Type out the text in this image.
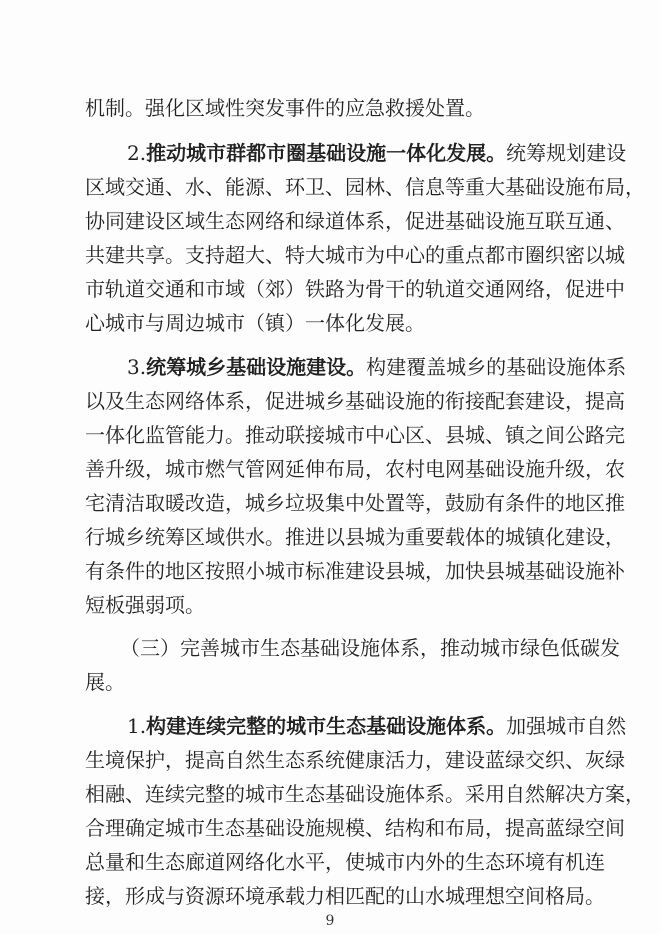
机制。强化区域性突发事件的应急救援处置。
2.推动城市群都市圈基础设施一体化发展。统筹规划建设
区域交通、水、能源、环卫、园林、信息等重大基础设施布局，
协同建设区域生态网络和绿道体系，促进基础设施互联互通、
共建共享。支持超大、特大城市为中心的重点都市圈织密以城
市轨道交通和市域（郊）铁路为骨干的轨道交通网络，促进中
心城市与周边城市（镇）一体化发展。
3.统筹城乡基础设施建设。构建覆盖城乡的基础设施体系
以及生态网络体系，促进城乡基础设施的衔接配套建设，提高
一体化监管能力。推动联接城市中心区、县城、镇之间公路完
善升级，城市燃气管网延伸布局，农村电网基础设施升级，农
宅清洁取暖改造，城乡垃圾集中处置等，鼓励有条件的地区推
行城乡统筹区域供水。推进以县城为重要载体的城镇化建设，
有条件的地区按照小城市标准建设县城，加快县城基础设施补
短板强弱项。
（三）完善城市生态基础设施体系，推动城市绿色低碳发
展。
1.构建连续完整的城市生态基础设施体系。加强城市自然
生境保护，提高自然生态系统健康活力，建设蓝绿交织、灰绿
相融、连续完整的城市生态基础设施体系。采用自然解决方案，
合理确定城市生态基础设施规模、结构和布局，提高蓝绿空间
总量和生态廊道网络化水平，使城市内外的生态环境有机连
接，形成与资源环境承载力相匹配的山水城理想空间格局。
9
